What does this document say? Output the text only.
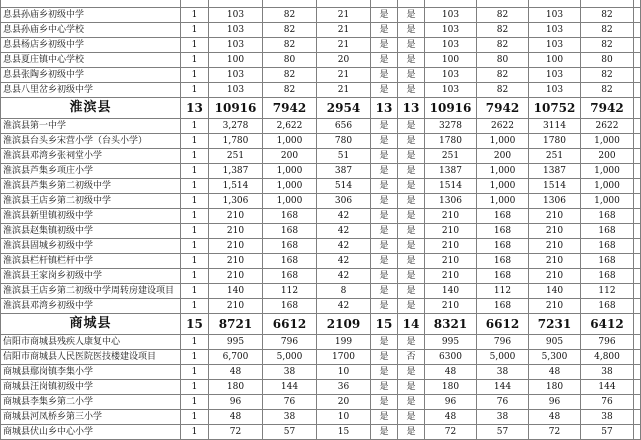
息县孙庙乡初级中学	1	103	82	21	是	是	103	82	103	82	
息县孙庙乡中心学校	1	103	82	21	是	是	103	82	103	82	
息县杨店乡初级中学	1	103	82	21	是	是	103	82	103	82	
息县夏庄镇中心学校	1	100	80	20	是	是	100	80	100	80	
息县张陶乡初级中学	1	103	82	21	是	是	103	82	103	82	
息县八里岔乡初级中学	1	103	82	21	是	是	103	82	103	82	
淮滨县	13	10916	7942	2954	13	13	10916	7942	10752	7942	
淮滨县第一中学	1	3,278	2,622	656	是	是	3278	2622	3114	2622	
淮滨县台头乡宋营小学（台头小学）	1	1,780	1,000	780	是	是	1780	1,000	1780	1,000	
淮滨县邓湾乡张祠堂小学	1	251	200	51	是	是	251	200	251	200	
淮滨县芦集乡项庄小学	1	1,387	1,000	387	是	是	1387	1,000	1387	1,000	
淮滨县芦集乡第二初级中学	1	1,514	1,000	514	是	是	1514	1,000	1514	1,000	
淮滨县王店乡第二初级中学	1	1,306	1,000	306	是	是	1306	1,000	1306	1,000	
淮滨县新里镇初级中学	1	210	168	42	是	是	210	168	210	168	
淮滨县赵集镇初级中学	1	210	168	42	是	是	210	168	210	168	
淮滨县固城乡初级中学	1	210	168	42	是	是	210	168	210	168	
淮滨县栏杆镇栏杆中学	1	210	168	42	是	是	210	168	210	168	
淮滨县王家岗乡初级中学	1	210	168	42	是	是	210	168	210	168	
淮滨县王店乡第二初级中学周转房建设项目	1	140	112	8	是	是	140	112	140	112	
淮滨县邓湾乡初级中学	1	210	168	42	是	是	210	168	210	168	
商城县	15	8721	6612	2109	15	14	8321	6612	7231	6412	
信阳市商城县残疾人康复中心	1	995	796	199	是	是	995	796	905	796	
信阳市商城县人民医院医技楼建设项目	1	6,700	5,000	1700	是	否	6300	5,000	5,300	4,800	
商城县鄢岗镇李集小学	1	48	38	10	是	是	48	38	48	38	
商城县汪岗镇初级中学	1	180	144	36	是	是	180	144	180	144	
商城县李集乡第二小学	1	96	76	20	是	是	96	76	96	76	
商城县河凤桥乡第三小学	1	48	38	10	是	是	48	38	48	38	
商城县伏山乡中心小学	1	72	57	15	是	是	72	57	72	57	
